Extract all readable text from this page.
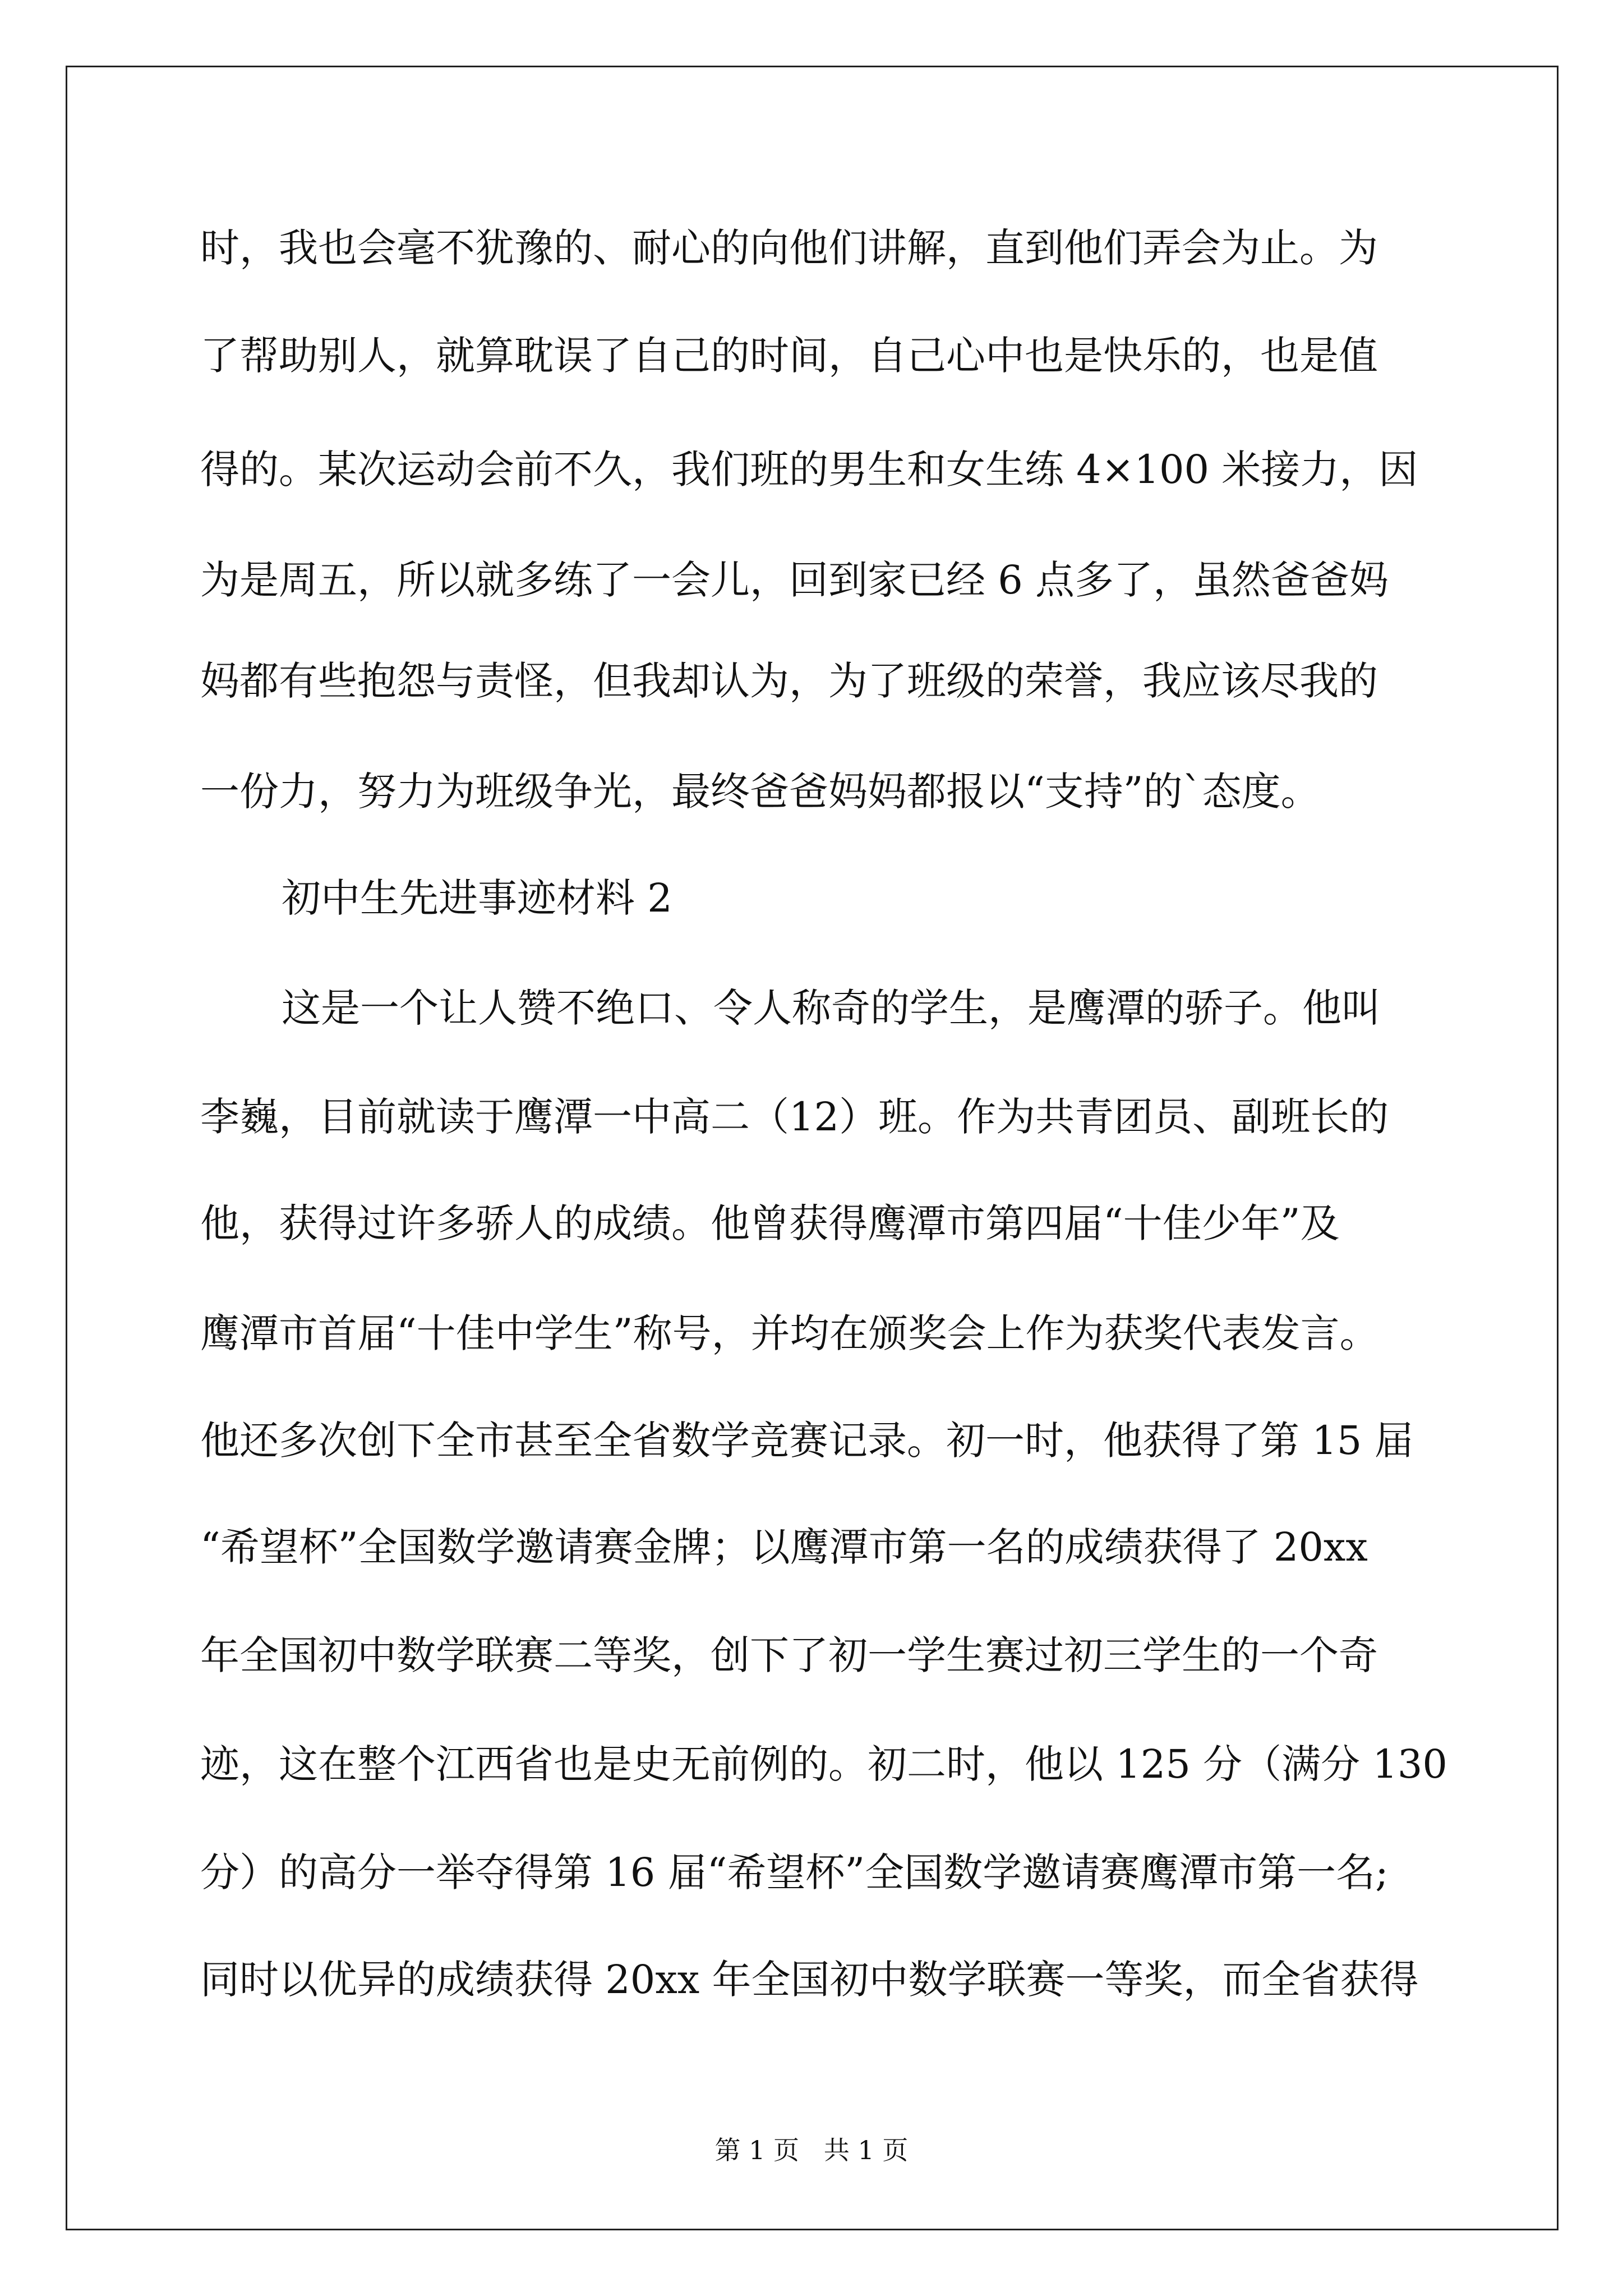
时，我也会毫不犹豫的、耐心的向他们讲解，直到他们弄会为止。为
了帮助别人，就算耽误了自己的时间，自己心中也是快乐的，也是值
得的。某次运动会前不久，我们班的男生和女生练 4×100 米接力，因
为是周五，所以就多练了一会儿，回到家已经 6 点多了，虽然爸爸妈
妈都有些抱怨与责怪，但我却认为，为了班级的荣誉，我应该尽我的
一份力，努力为班级争光，最终爸爸妈妈都报以“支持”的`态度。
初中生先进事迹材料 2
这是一个让人赞不绝口、令人称奇的学生，是鹰潭的骄子。他叫
李巍，目前就读于鹰潭一中高二（12）班。作为共青团员、副班长的
他，获得过许多骄人的成绩。他曾获得鹰潭市第四届“十佳少年”及
鹰潭市首届“十佳中学生”称号，并均在颁奖会上作为获奖代表发言。
他还多次创下全市甚至全省数学竞赛记录。初一时，他获得了第 15 届
“希望杯”全国数学邀请赛金牌；以鹰潭市第一名的成绩获得了 20xx
年全国初中数学联赛二等奖，创下了初一学生赛过初三学生的一个奇
迹，这在整个江西省也是史无前例的。初二时，他以 125 分（满分 130
分）的高分一举夺得第 16 届“希望杯”全国数学邀请赛鹰潭市第一名;
同时以优异的成绩获得 20xx 年全国初中数学联赛一等奖，而全省获得
第 1 页   共 1 页
